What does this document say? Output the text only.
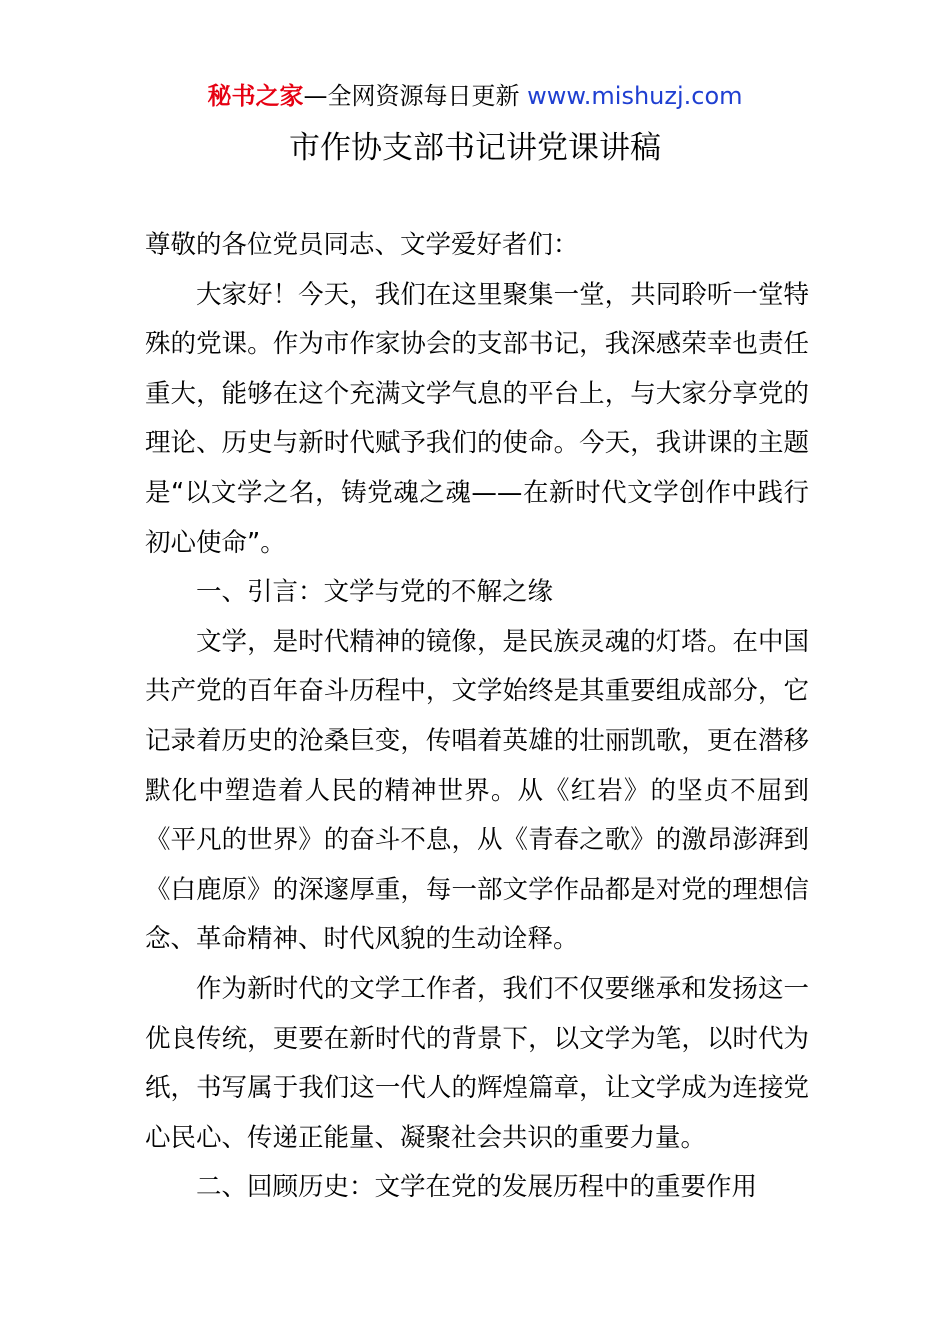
秘书之家—全网资源每日更新 www.mishuzj.com
市作协支部书记讲党课讲稿

尊敬的各位党员同志、文学爱好者们：

大家好！今天，我们在这里聚集一堂，共同聆听一堂特殊的党课。作为市作家协会的支部书记，我深感荣幸也责任重大，能够在这个充满文学气息的平台上，与大家分享党的理论、历史与新时代赋予我们的使命。今天，我讲课的主题是“以文学之名，铸党魂之魂——在新时代文学创作中践行初心使命”。

一、引言：文学与党的不解之缘

文学，是时代精神的镜像，是民族灵魂的灯塔。在中国共产党的百年奋斗历程中，文学始终是其重要组成部分，它记录着历史的沧桑巨变，传唱着英雄的壮丽凯歌，更在潜移默化中塑造着人民的精神世界。从《红岩》的坚贞不屈到《平凡的世界》的奋斗不息，从《青春之歌》的激昂澎湃到《白鹿原》的深邃厚重，每一部文学作品都是对党的理想信念、革命精神、时代风貌的生动诠释。

作为新时代的文学工作者，我们不仅要继承和发扬这一优良传统，更要在新时代的背景下，以文学为笔，以时代为纸，书写属于我们这一代人的辉煌篇章，让文学成为连接党心民心、传递正能量、凝聚社会共识的重要力量。

二、回顾历史：文学在党的发展历程中的重要作用
